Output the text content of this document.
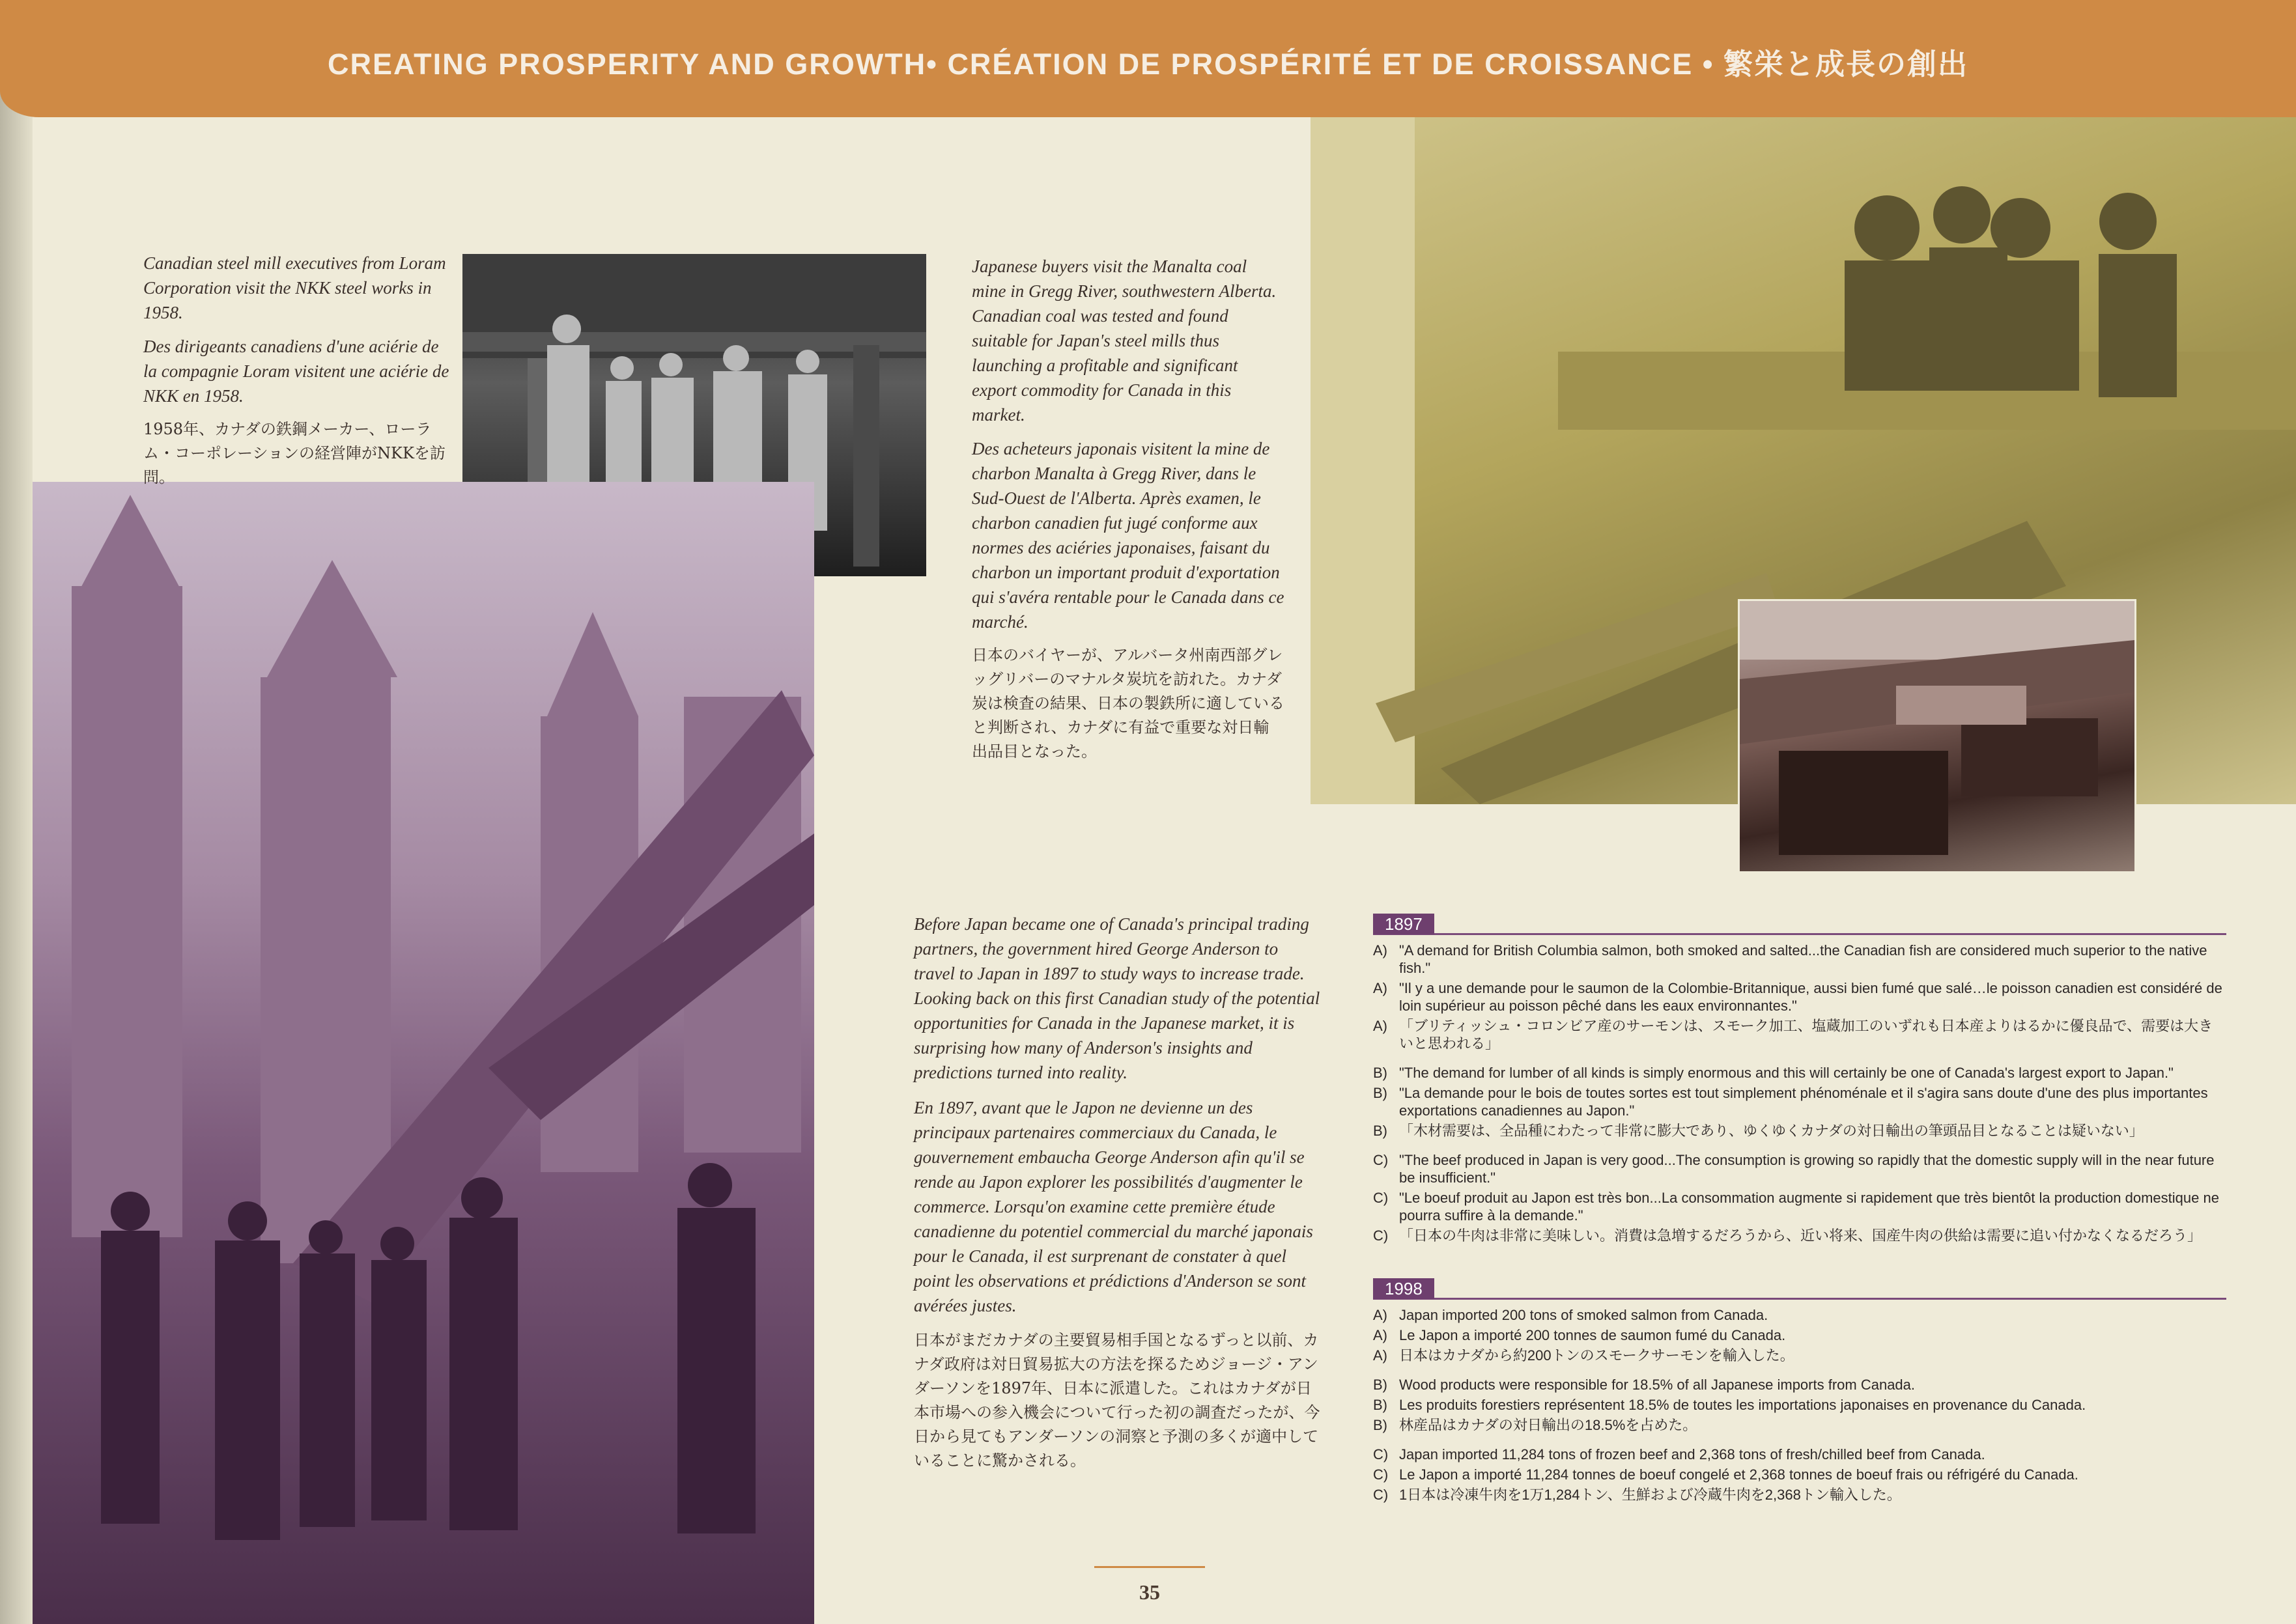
CREATING PROSPERITY AND GROWTH• CRÉATION DE PROSPÉRITÉ ET DE CROISSANCE • 繁栄と成長の創出

Canadian steel mill executives from Loram Corporation visit the NKK steel works in 1958.

Des dirigeants canadiens d'une aciérie de la compagnie Loram visitent une aciérie de NKK en 1958.

1958年、カナダの鉄鋼メーカー、ローラム・コーポレーションの経営陣がNKKを訪問。

Japanese buyers visit the Manalta coal mine in Gregg River, southwestern Alberta. Canadian coal was tested and found suitable for Japan's steel mills thus launching a profitable and significant export commodity for Canada in this market.

Des acheteurs japonais visitent la mine de charbon Manalta à Gregg River, dans le Sud-Ouest de l'Alberta. Après examen, le charbon canadien fut jugé conforme aux normes des aciéries japonaises, faisant du charbon un important produit d'exportation qui s'avéra rentable pour le Canada dans ce marché.

日本のバイヤーが、アルバータ州南西部グレッグリバーのマナルタ炭坑を訪れた。カナダ炭は検査の結果、日本の製鉄所に適していると判断され、カナダに有益で重要な対日輸出品目となった。

Before Japan became one of Canada's principal trading partners, the government hired George Anderson to travel to Japan in 1897 to study ways to increase trade. Looking back on this first Canadian study of the potential opportunities for Canada in the Japanese market, it is surprising how many of Anderson's insights and predictions turned into reality.

En 1897, avant que le Japon ne devienne un des principaux partenaires commerciaux du Canada, le gouvernement embaucha George Anderson afin qu'il se rende au Japon explorer les possibilités d'augmenter le commerce. Lorsqu'on examine cette première étude canadienne du potentiel commercial du marché japonais pour le Canada, il est surprenant de constater à quel point les observations et prédictions d'Anderson se sont avérées justes.

日本がまだカナダの主要貿易相手国となるずっと以前、カナダ政府は対日貿易拡大の方法を探るためジョージ・アンダーソンを1897年、日本に派遣した。これはカナダが日本市場への参入機会について行った初の調査だったが、今日から見てもアンダーソンの洞察と予測の多くが適中していることに驚かされる。

1897
A) "A demand for British Columbia salmon, both smoked and salted...the Canadian fish are considered much superior to the native fish."
A) "Il y a une demande pour le saumon de la Colombie-Britannique, aussi bien fumé que salé…le poisson canadien est considéré de loin supérieur au poisson pêché dans les eaux environnantes."
A) 「ブリティッシュ・コロンビア産のサーモンは、スモーク加工、塩蔵加工のいずれも日本産よりはるかに優良品で、需要は大きいと思われる」
B) "The demand for lumber of all kinds is simply enormous and this will certainly be one of Canada's largest export to Japan."
B) "La demande pour le bois de toutes sortes est tout simplement phénoménale et il s'agira sans doute d'une des plus importantes exportations canadiennes au Japon."
B) 「木材需要は、全品種にわたって非常に膨大であり、ゆくゆくカナダの対日輸出の筆頭品目となることは疑いない」
C) "The beef produced in Japan is very good...The consumption is growing so rapidly that the domestic supply will in the near future be insufficient."
C) "Le boeuf produit au Japon est très bon...La consommation augmente si rapidement que très bientôt la production domestique ne pourra suffire à la demande."
C) 「日本の牛肉は非常に美味しい。消費は急増するだろうから、近い将来、国産牛肉の供給は需要に追い付かなくなるだろう」
1998
A) Japan imported 200 tons of smoked salmon from Canada.
A) Le Japon a importé 200 tonnes de saumon fumé du Canada.
A) 日本はカナダから約200トンのスモークサーモンを輸入した。
B) Wood products were responsible for 18.5% of all Japanese imports from Canada.
B) Les produits forestiers représentent 18.5% de toutes les importations japonaises en provenance du Canada.
B) 林産品はカナダの対日輸出の18.5%を占めた。
C) Japan imported 11,284 tons of frozen beef and 2,368 tons of fresh/chilled beef from Canada.
C) Le Japon a importé 11,284 tonnes de boeuf congelé et 2,368 tonnes de boeuf frais ou réfrigéré du Canada.
C) 1日本は冷凍牛肉を1万1,284トン、生鮮および冷蔵牛肉を2,368トン輸入した。
35
